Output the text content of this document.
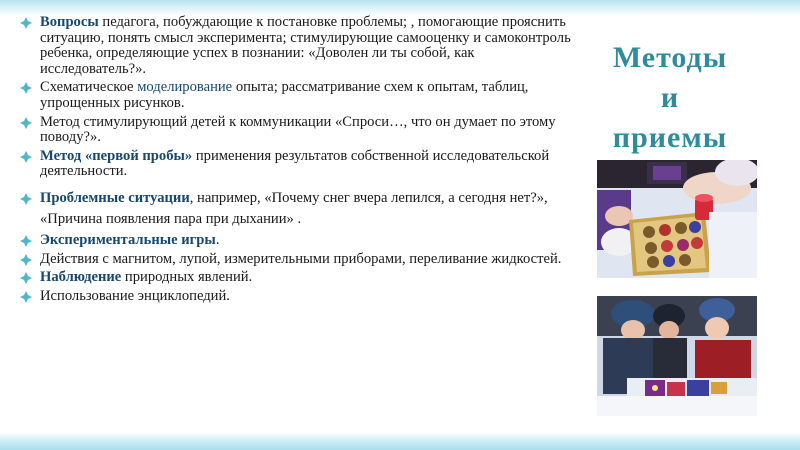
Методы
и
приемы
Вопросы педагога, побуждающие к постановке проблемы; , помогающие прояснить ситуацию, понять смысл эксперимента; стимулирующие самооценку и самоконтроль ребенка, определяющие успех в познании: «Доволен ли ты собой, как исследователь?».
Схематическое моделирование опыта; рассматривание схем к опытам, таблиц, упрощенных рисунков.
Метод стимулирующий детей к коммуникации «Спроси…, что он думает по этому поводу?».
Метод «первой пробы» применения результатов собственной исследовательской деятельности.
Проблемные ситуации, например, «Почему снег вчера лепился, а сегодня нет?», «Причина появления пара при дыхании» .
Экспериментальные игры.
Действия с магнитом, лупой, измерительными приборами, переливание жидкостей.
Наблюдение природных явлений.
Использование энциклопедий.
